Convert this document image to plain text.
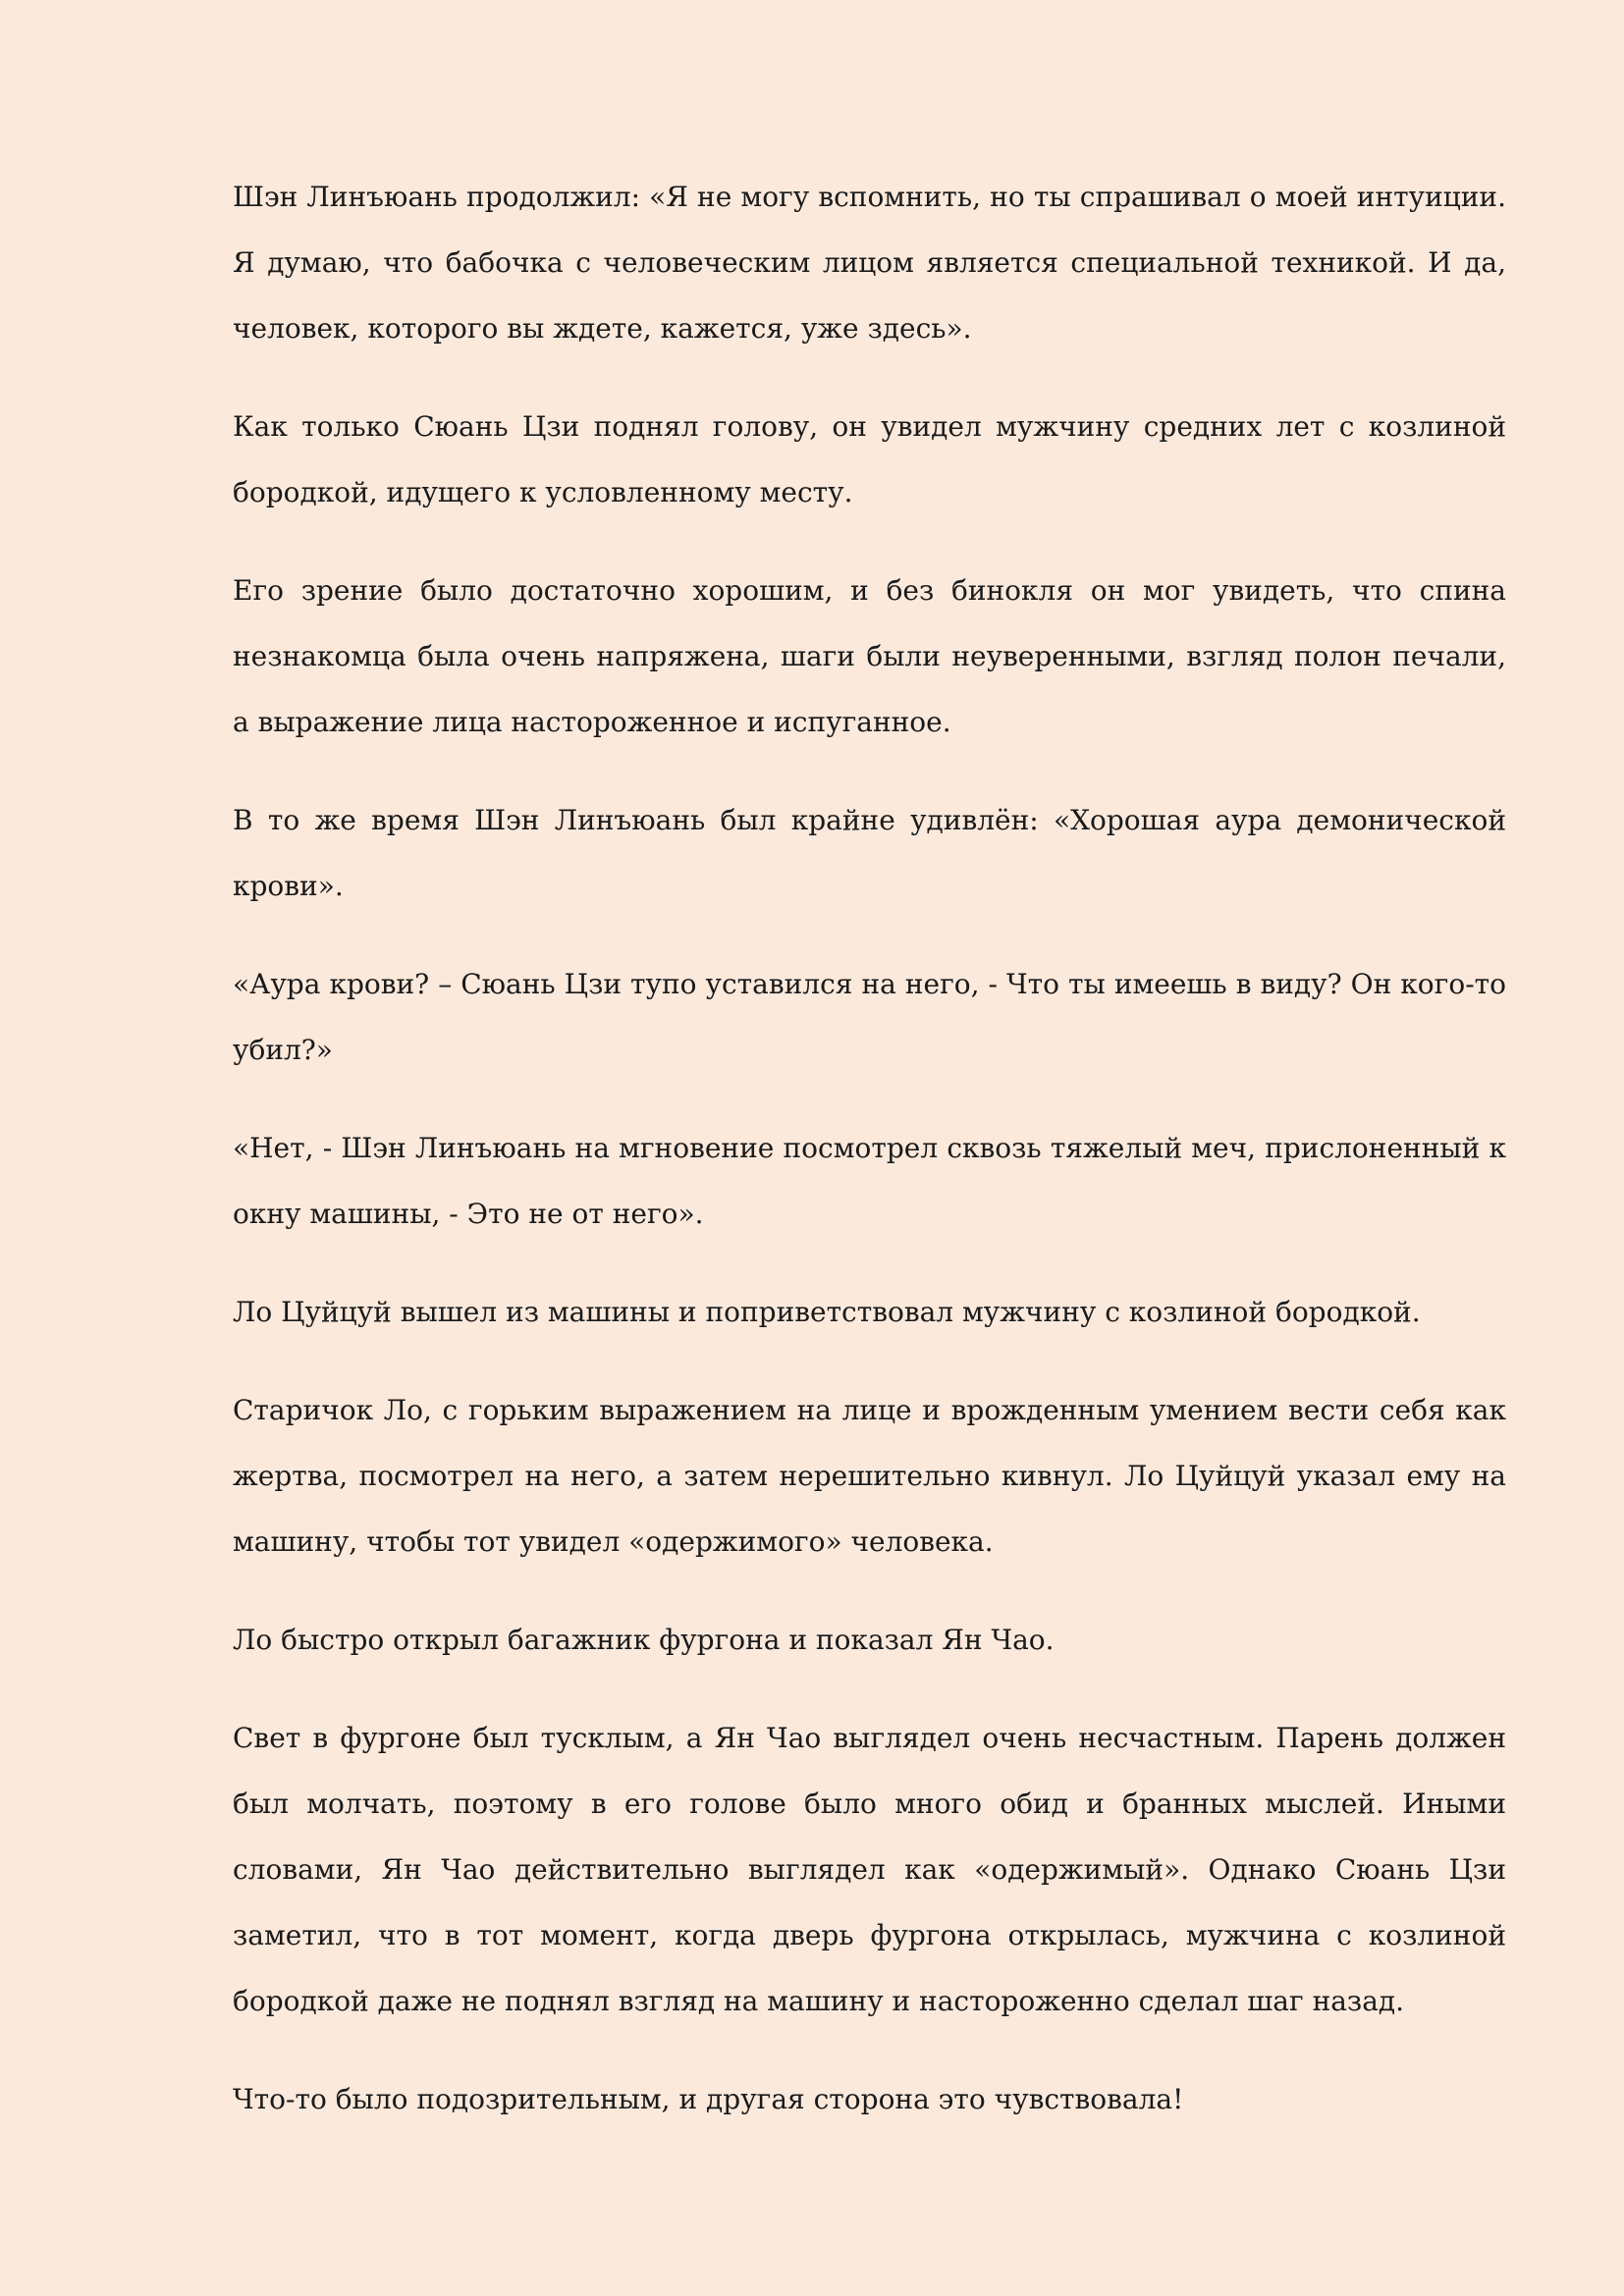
Шэн Линъюань продолжил: «Я не могу вспомнить, но ты спрашивал о моей интуиции. Я думаю, что бабочка с человеческим лицом является специальной техникой. И да, человек, которого вы ждете, кажется, уже здесь».

Как только Сюань Цзи поднял голову, он увидел мужчину средних лет с козлиной бородкой, идущего к условленному месту.

Его зрение было достаточно хорошим, и без бинокля он мог увидеть, что спина незнакомца была очень напряжена, шаги были неуверенными, взгляд полон печали, а выражение лица настороженное и испуганное.

В то же время Шэн Линъюань был крайне удивлён: «Хорошая аура демонической крови».

«Аура крови? – Сюань Цзи тупо уставился на него, - Что ты имеешь в виду? Он кого-то убил?»

«Нет, - Шэн Линъюань на мгновение посмотрел сквозь тяжелый меч, прислоненный к окну машины, - Это не от него».

Ло Цуйцуй вышел из машины и поприветствовал мужчину с козлиной бородкой.

Старичок Ло, с горьким выражением на лице и врожденным умением вести себя как жертва, посмотрел на него, а затем нерешительно кивнул. Ло Цуйцуй указал ему на машину, чтобы тот увидел «одержимого» человека.

Ло быстро открыл багажник фургона и показал Ян Чао.

Свет в фургоне был тусклым, а Ян Чао выглядел очень несчастным. Парень должен был молчать, поэтому в его голове было много обид и бранных мыслей. Иными словами, Ян Чао действительно выглядел как «одержимый». Однако Сюань Цзи заметил, что в тот момент, когда дверь фургона открылась, мужчина с козлиной бородкой даже не поднял взгляд на машину и настороженно сделал шаг назад.

Что-то было подозрительным, и другая сторона это чувствовала!
